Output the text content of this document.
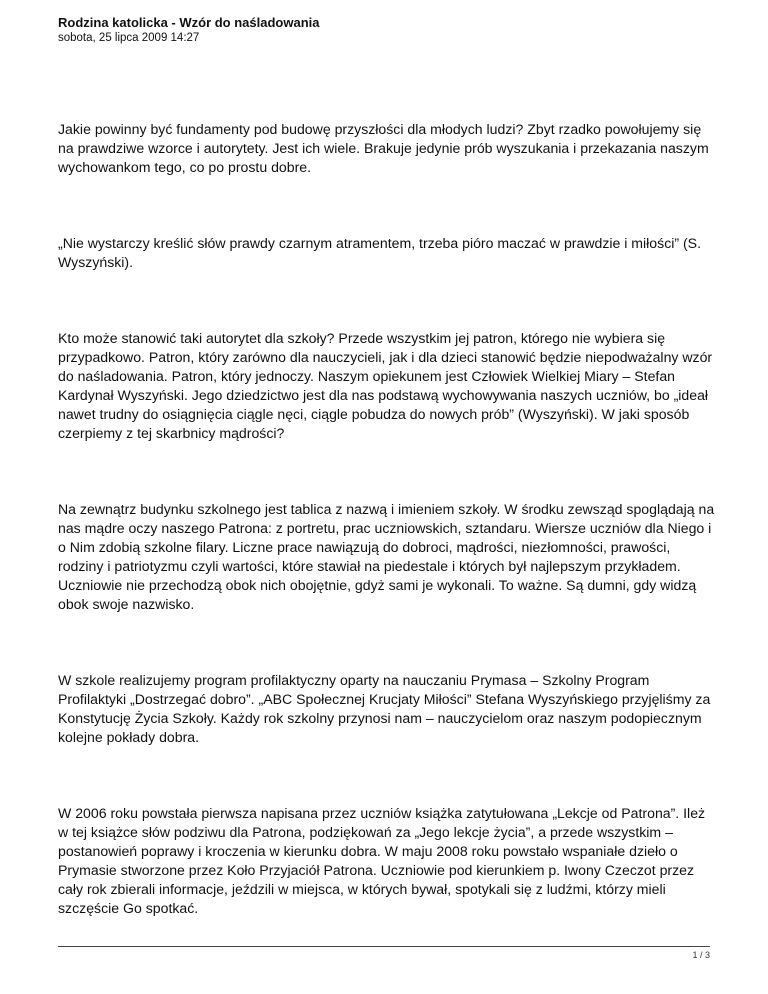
Rodzina katolicka - Wzór do naśladowania

sobota, 25 lipca 2009 14:27

Jakie powinny być fundamenty pod budowę przyszłości dla młodych ludzi? Zbyt rzadko powołujemy się na prawdziwe wzorce i autorytety. Jest ich wiele. Brakuje jedynie prób wyszukania i przekazania naszym wychowankom tego, co po prostu dobre.

„Nie wystarczy kreślić słów prawdy czarnym atramentem, trzeba pióro maczać w prawdzie i miłości” (S. Wyszyński).

Kto może stanowić taki autorytet dla szkoły? Przede wszystkim jej patron, którego nie wybiera się przypadkowo. Patron, który zarówno dla nauczycieli, jak i dla dzieci stanowić będzie niepodważalny wzór do naśladowania. Patron, który jednoczy. Naszym opiekunem jest Człowiek Wielkiej Miary – Stefan Kardynał Wyszyński. Jego dziedzictwo jest dla nas podstawą wychowywania naszych uczniów, bo „ideał nawet trudny do osiągnięcia ciągle nęci, ciągle pobudza do nowych prób” (Wyszyński). W jaki sposób czerpiemy z tej skarbnicy mądrości?

Na zewnątrz budynku szkolnego jest tablica z nazwą i imieniem szkoły. W środku zewsząd spoglądają na nas mądre oczy naszego Patrona: z portretu, prac uczniowskich, sztandaru. Wiersze uczniów dla Niego i o Nim zdobią szkolne filary. Liczne prace nawiązują do dobroci, mądrości, niezłomności, prawości, rodziny i patriotyzmu czyli wartości, które stawiał na piedestale i których był najlepszym przykładem. Uczniowie nie przechodzą obok nich obojętnie, gdyż sami je wykonali. To ważne. Są dumni, gdy widzą obok swoje nazwisko.

W szkole realizujemy program profilaktyczny oparty na nauczaniu Prymasa – Szkolny Program Profilaktyki „Dostrzegać dobro”. „ABC Społecznej Krucjaty Miłości” Stefana Wyszyńskiego przyjęliśmy za Konstytucję Życia Szkoły. Każdy rok szkolny przynosi nam – nauczycielom oraz naszym podopiecznym kolejne pokłady dobra.

W 2006 roku powstała pierwsza napisana przez uczniów książka zatytułowana „Lekcje od Patrona”. Ileż w tej książce słów podziwu dla Patrona, podziękowań za „Jego lekcje życia”, a przede wszystkim – postanowień poprawy i kroczenia w kierunku dobra. W maju 2008 roku powstało wspaniałe dzieło o Prymasie stworzone przez Koło Przyjaciół Patrona. Uczniowie pod kierunkiem p. Iwony Czeczot przez cały rok zbierali informacje, jeździli w miejsca, w których bywał, spotykali się z ludźmi, którzy mieli szczęście Go spotkać.

1 / 3
